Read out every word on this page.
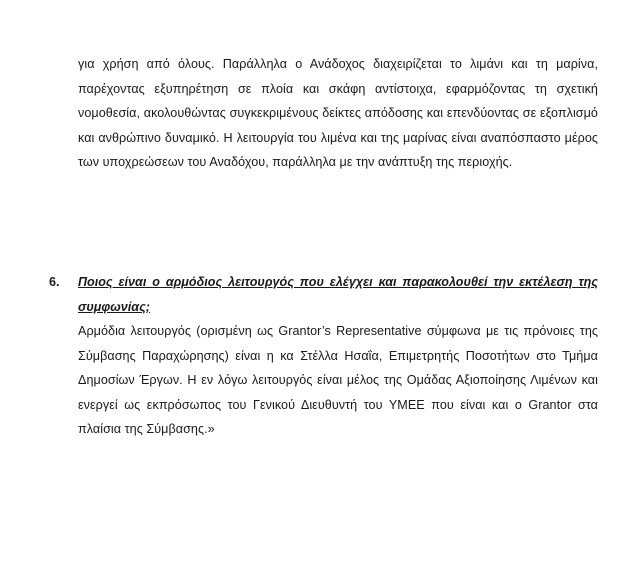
για χρήση από όλους. Παράλληλα ο Ανάδοχος διαχειρίζεται το λιμάνι και τη μαρίνα, παρέχοντας εξυπηρέτηση σε πλοία και σκάφη αντίστοιχα, εφαρμόζοντας τη σχετική νομοθεσία, ακολουθώντας συγκεκριμένους δείκτες απόδοσης και επενδύοντας σε εξοπλισμό και ανθρώπινο δυναμικό. Η λειτουργία του λιμένα και της μαρίνας είναι αναπόσπαστο μέρος των υποχρεώσεων του Αναδόχου, παράλληλα με την ανάπτυξη της περιοχής.
6. Ποιος είναι ο αρμόδιος λειτουργός που ελέγχει και παρακολουθεί την εκτέλεση της συμφωνίας;
Αρμόδια λειτουργός (ορισμένη ως Grantor’s Representative σύμφωνα με τις πρόνοιες της Σύμβασης Παραχώρησης) είναι η κα Στέλλα Ησαΐα, Επιμετρητής Ποσοτήτων στο Τμήμα Δημοσίων Έργων. Η εν λόγω λειτουργός είναι μέλος της Ομάδας Αξιοποίησης Λιμένων και ενεργεί ως εκπρόσωπος του Γενικού Διευθυντή του ΥΜΕΕ που είναι και ο Grantor στα πλαίσια της Σύμβασης.»
